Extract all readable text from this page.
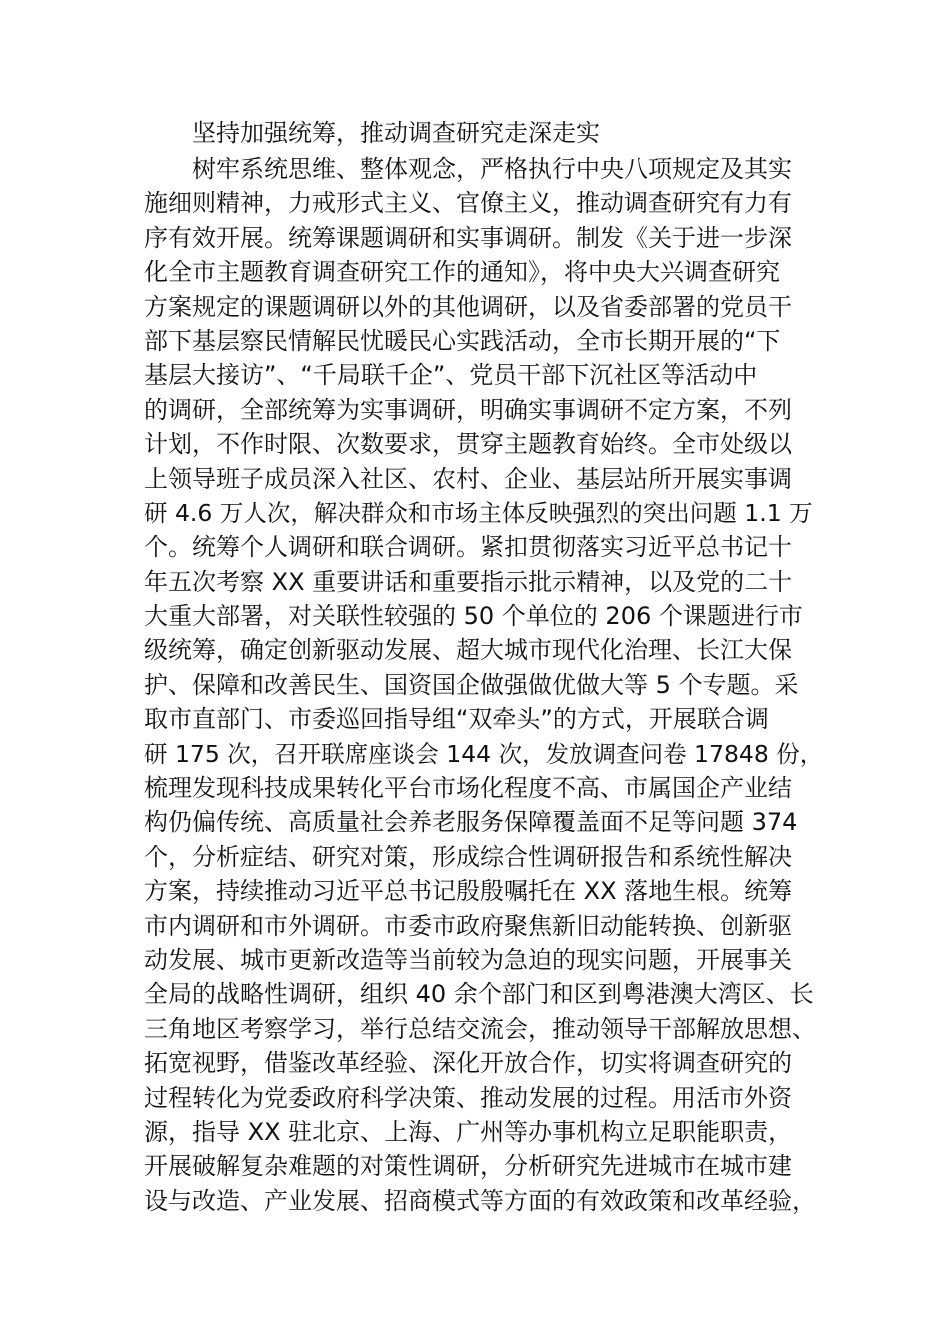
坚持加强统筹，推动调查研究走深走实
树牢系统思维、整体观念，严格执行中央八项规定及其实
施细则精神，力戒形式主义、官僚主义，推动调查研究有力有
序有效开展。统筹课题调研和实事调研。制发《关于进一步深
化全市主题教育调查研究工作的通知》，将中央大兴调查研究
方案规定的课题调研以外的其他调研，以及省委部署的党员干
部下基层察民情解民忧暖民心实践活动，全市长期开展的“下
基层大接访”、“千局联千企”、党员干部下沉社区等活动中
的调研，全部统筹为实事调研，明确实事调研不定方案，不列
计划，不作时限、次数要求，贯穿主题教育始终。全市处级以
上领导班子成员深入社区、农村、企业、基层站所开展实事调
研 4.6 万人次，解决群众和市场主体反映强烈的突出问题 1.1 万
个。统筹个人调研和联合调研。紧扣贯彻落实习近平总书记十
年五次考察 XX 重要讲话和重要指示批示精神，以及党的二十
大重大部署，对关联性较强的 50 个单位的 206 个课题进行市
级统筹，确定创新驱动发展、超大城市现代化治理、长江大保
护、保障和改善民生、国资国企做强做优做大等 5 个专题。采
取市直部门、市委巡回指导组“双牵头”的方式，开展联合调
研 175 次，召开联席座谈会 144 次，发放调查问卷 17848 份，
梳理发现科技成果转化平台市场化程度不高、市属国企产业结
构仍偏传统、高质量社会养老服务保障覆盖面不足等问题 374
个，分析症结、研究对策，形成综合性调研报告和系统性解决
方案，持续推动习近平总书记殷殷嘱托在 XX 落地生根。统筹
市内调研和市外调研。市委市政府聚焦新旧动能转换、创新驱
动发展、城市更新改造等当前较为急迫的现实问题，开展事关
全局的战略性调研，组织 40 余个部门和区到粤港澳大湾区、长
三角地区考察学习，举行总结交流会，推动领导干部解放思想、
拓宽视野，借鉴改革经验、深化开放合作，切实将调查研究的
过程转化为党委政府科学决策、推动发展的过程。用活市外资
源，指导 XX 驻北京、上海、广州等办事机构立足职能职责，
开展破解复杂难题的对策性调研，分析研究先进城市在城市建
设与改造、产业发展、招商模式等方面的有效政策和改革经验，
